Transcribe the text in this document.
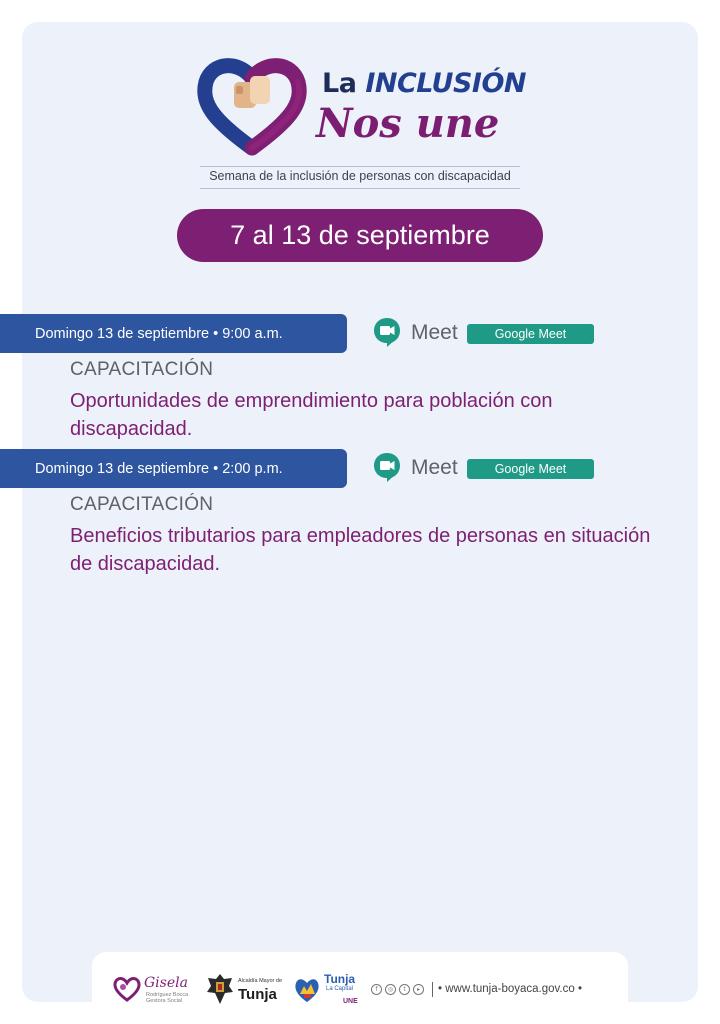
La INCLUSIÓN
Nos une
Semana de la inclusión de personas con discapacidad
7 al 13 de septiembre
Domingo 13 de septiembre • 9:00 a.m.	Meet	Google Meet
CAPACITACIÓN
Oportunidades de emprendimiento para población con discapacidad.
Domingo 13 de septiembre • 2:00 p.m.	Meet	Google Meet
CAPACITACIÓN
Beneficios tributarios para empleadores de personas en situación de discapacidad.
Gisela
Rodríguez Bocca Gestora Social
Alcaldía Mayor de
Tunja
Tunja
La Capital
UNE
f	◎	t	▸	• www.tunja-boyaca.gov.co •
